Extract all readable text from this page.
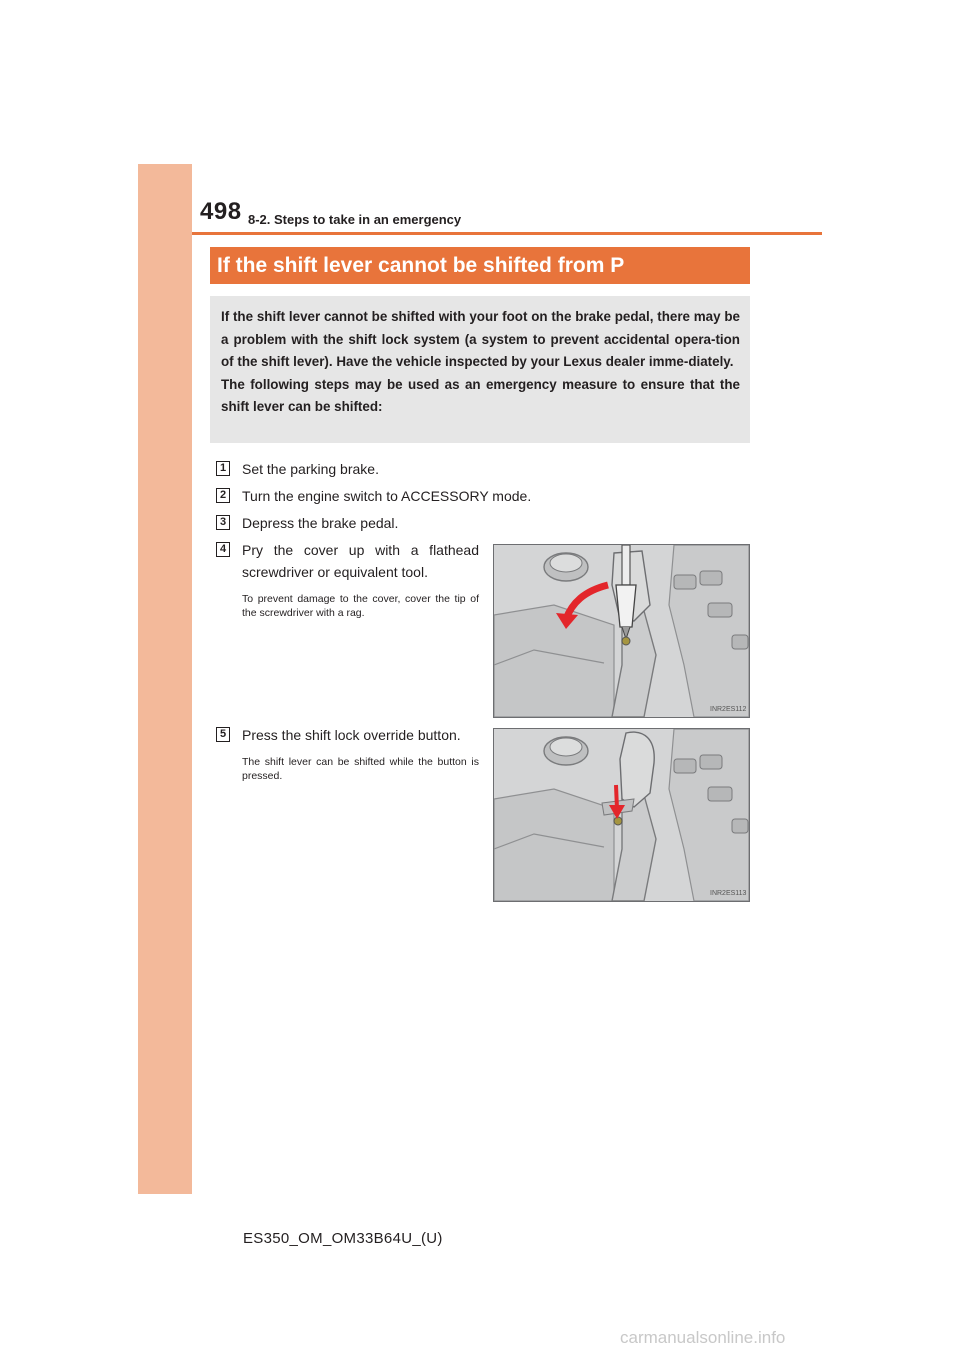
498 8-2. Steps to take in an emergency
If the shift lever cannot be shifted from P

If the shift lever cannot be shifted with your foot on the brake pedal, there may be a problem with the shift lock system (a system to prevent accidental opera-tion of the shift lever). Have the vehicle inspected by your Lexus dealer imme-diately.

The following steps may be used as an emergency measure to ensure that the shift lever can be shifted:

1 Set the parking brake.
2 Turn the engine switch to ACCESSORY mode.
3 Depress the brake pedal.
4 Pry the cover up with a flathead screwdriver or equivalent tool.
To prevent damage to the cover, cover the tip of the screwdriver with a rag.
INR2ES112
5 Press the shift lock override button.
The shift lever can be shifted while the button is pressed.
INR2ES113
ES350_OM_OM33B64U_(U)
carmanualsonline.info
